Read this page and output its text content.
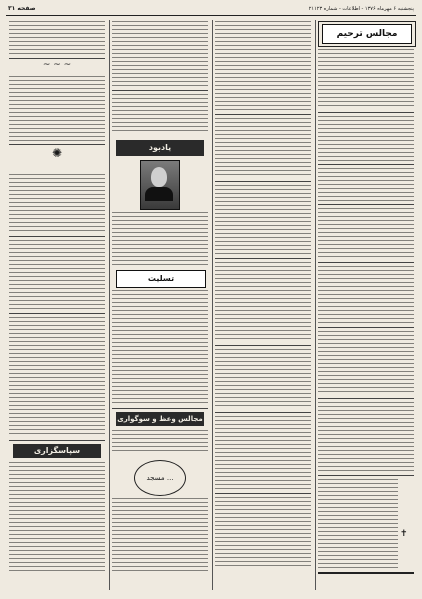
صفحه ۳۱	پنجشنبه ۶ مهرماه ۱۳۷۶ - اطلاعات - شماره ۲۱۱۲۳
مجالس ترحیم
✝
یادبود
تسلیت
مجالس وعظ و سوگواری
مسجد ...
~ ~ ~
✺
سپاسگزاری
